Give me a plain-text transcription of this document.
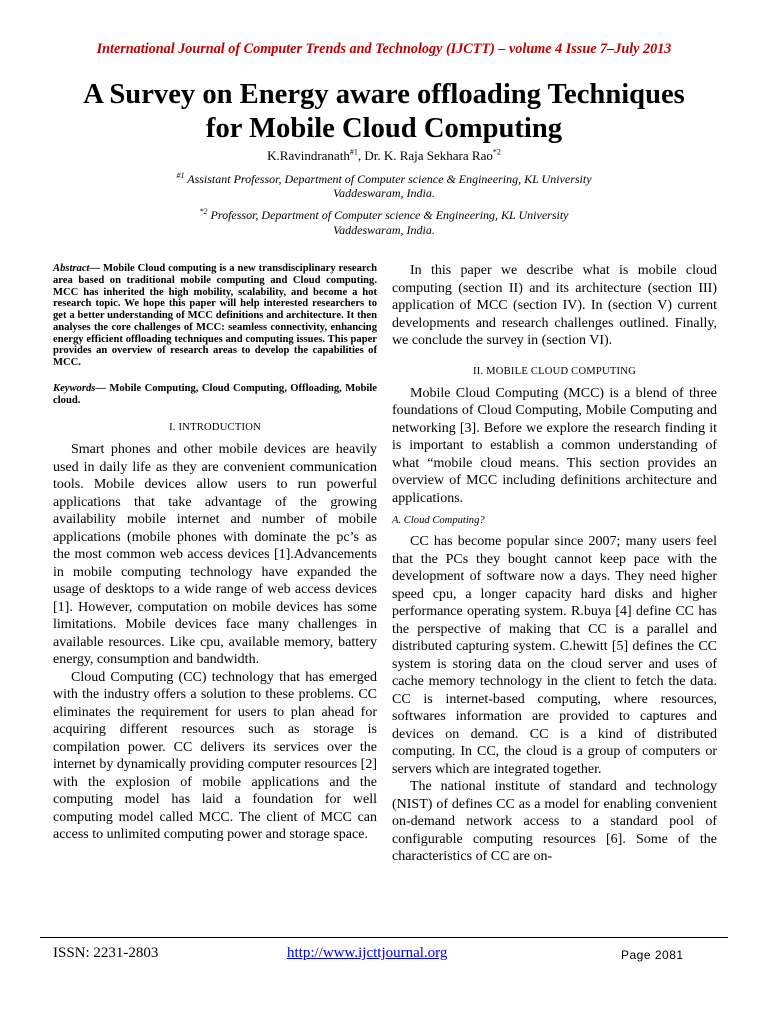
International Journal of Computer Trends and Technology (IJCTT) – volume 4 Issue 7–July 2013
A Survey on Energy aware offloading Techniques
for Mobile Cloud Computing
K.Ravindranath$^{\#1}$, Dr. K. Raja Sekhara Rao$^{*2}$
$^{\#1}$ Assistant Professor, Department of Computer science & Engineering, KL University
Vaddeswaram, India.
$^{*2}$ Professor, Department of Computer science & Engineering, KL University
Vaddeswaram, India.

Abstract— Mobile Cloud computing is a new transdisciplinary research area based on traditional mobile computing and Cloud computing. MCC has inherited the high mobility, scalability, and become a hot research topic. We hope this paper will help interested researchers to get a better understanding of MCC definitions and architecture. It then analyses the core challenges of MCC: seamless connectivity, enhancing energy efficient offloading techniques and computing issues. This paper provides an overview of research areas to develop the capabilities of MCC.

Keywords— Mobile Computing, Cloud Computing, Offloading, Mobile cloud.

I. INTRODUCTION

Smart phones and other mobile devices are heavily used in daily life as they are convenient communication tools. Mobile devices allow users to run powerful applications that take advantage of the growing availability mobile internet and number of mobile applications (mobile phones with dominate the pc’s as the most common web access devices [1].Advancements in mobile computing technology have expanded the usage of desktops to a wide range of web access devices [1]. However, computation on mobile devices has some limitations. Mobile devices face many challenges in available resources. Like cpu, available memory, battery energy, consumption and bandwidth.

Cloud Computing (CC) technology that has emerged with the industry offers a solution to these problems. CC eliminates the requirement for users to plan ahead for acquiring different resources such as storage is compilation power. CC delivers its services over the internet by dynamically providing computer resources [2] with the explosion of mobile applications and the computing model has laid a foundation for well computing model called MCC. The client of MCC can access to unlimited computing power and storage space.

In this paper we describe what is mobile cloud computing (section II) and its architecture (section III) application of MCC (section IV). In (section V) current developments and research challenges outlined. Finally, we conclude the survey in (section VI).

II. MOBILE CLOUD COMPUTING

Mobile Cloud Computing (MCC) is a blend of three foundations of Cloud Computing, Mobile Computing and networking [3]. Before we explore the research finding it is important to establish a common understanding of what “mobile cloud means. This section provides an overview of MCC including definitions architecture and applications.

A. Cloud Computing?

CC has become popular since 2007; many users feel that the PCs they bought cannot keep pace with the development of software now a days. They need higher speed cpu, a longer capacity hard disks and higher performance operating system. R.buya [4] define CC has the perspective of making that CC is a parallel and distributed capturing system. C.hewitt [5] defines the CC system is storing data on the cloud server and uses of cache memory technology in the client to fetch the data. CC is internet-based computing, where resources, softwares information are provided to captures and devices on demand. CC is a kind of distributed computing. In CC, the cloud is a group of computers or servers which are integrated together.

The national institute of standard and technology (NIST) of defines CC as a model for enabling convenient on-demand network access to a standard pool of configurable computing resources [6]. Some of the characteristics of CC are on-

ISSN: 2231-2803	http://www.ijcttjournal.org	Page 2081
